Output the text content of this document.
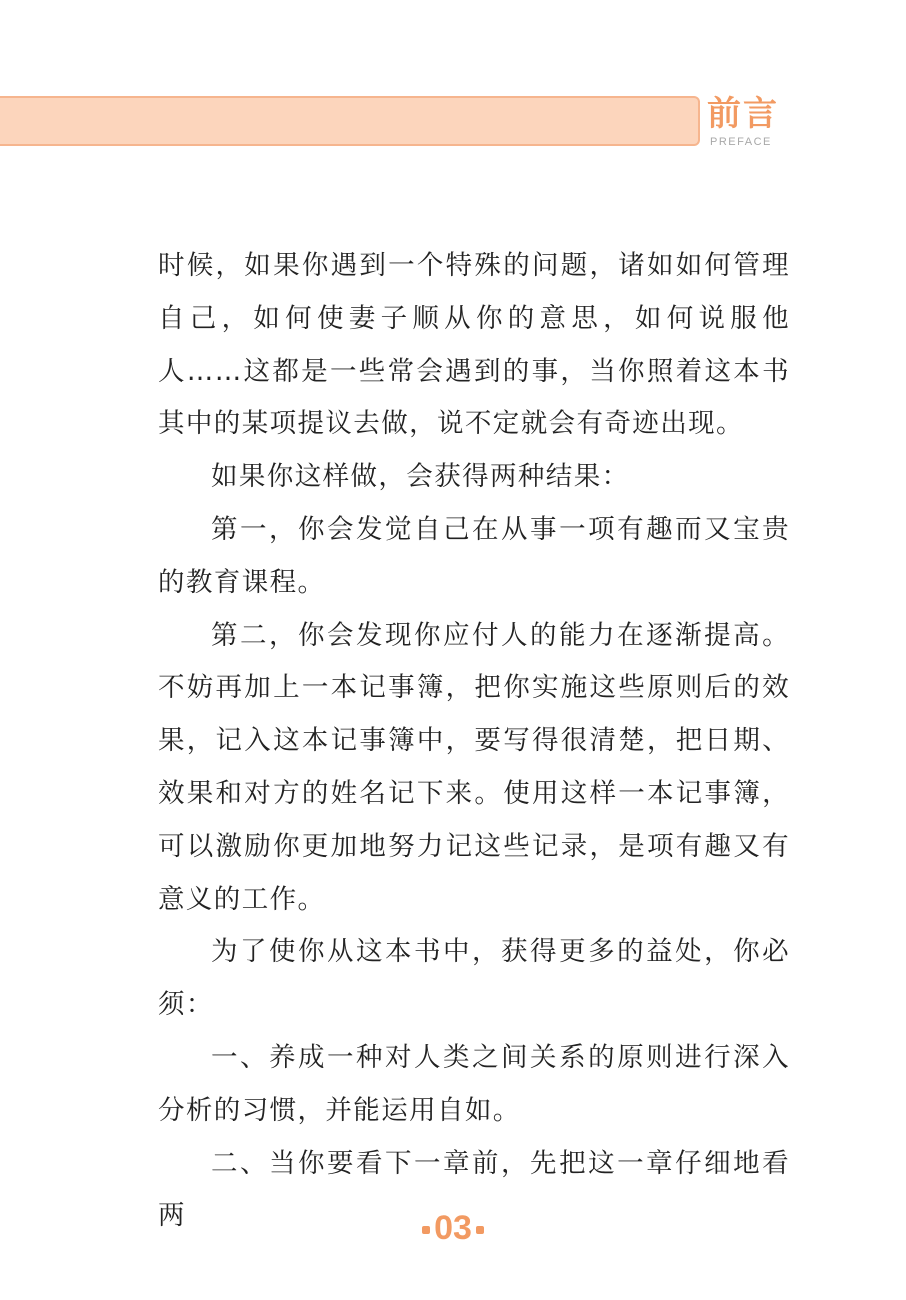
前言
PREFACE

时候，如果你遇到一个特殊的问题，诸如如何管理自己，如何使妻子顺从你的意思，如何说服他人……这都是一些常会遇到的事，当你照着这本书其中的某项提议去做，说不定就会有奇迹出现。

如果你这样做，会获得两种结果：

第一，你会发觉自己在从事一项有趣而又宝贵的教育课程。

第二，你会发现你应付人的能力在逐渐提高。不妨再加上一本记事簿，把你实施这些原则后的效果，记入这本记事簿中，要写得很清楚，把日期、效果和对方的姓名记下来。使用这样一本记事簿，可以激励你更加地努力记这些记录，是项有趣又有意义的工作。

为了使你从这本书中，获得更多的益处，你必须：

一、养成一种对人类之间关系的原则进行深入分析的习惯，并能运用自如。

二、当你要看下一章前，先把这一章仔细地看两	03
